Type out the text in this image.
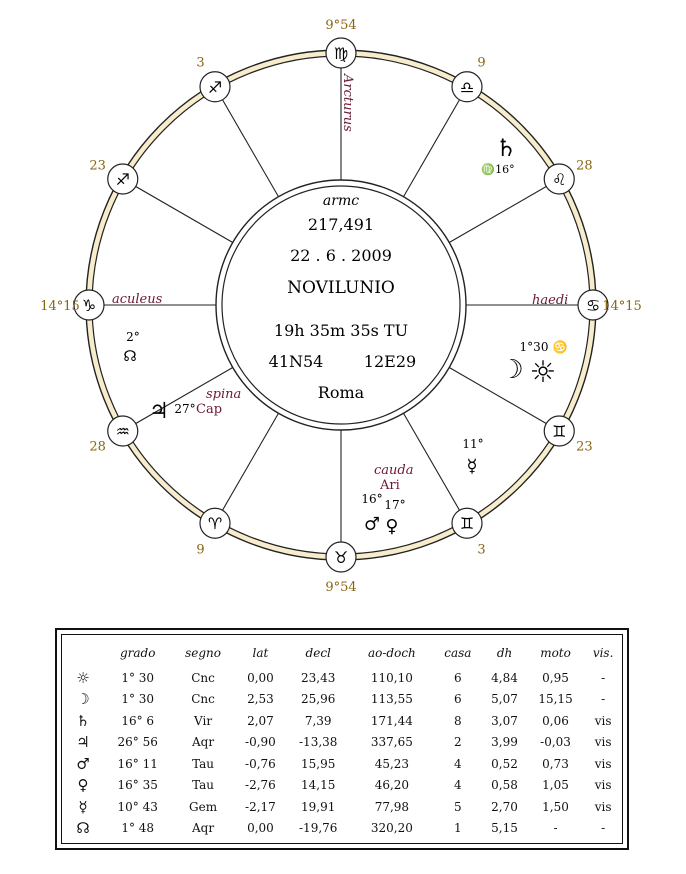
♍
9°54
♎
9
♌
28
♋ 14°15
♊
23
♊
3
♉
9°54
♈
9
♒
28
♑
14°15
♐
23
♐
3
armc
217,491
22 . 6 . 2009
NOVILUNIO
19h 35m 35s TU
41N54	12E29
Roma
Arcturus
haedi
aculeus
spina
Cap
cauda
Ari
♄
♍16°
1°30 ♋
☽ ☼
11°
☿
16° 17°
♂ ♀
2°
☊
♃ 27°
	grado	segno	lat	decl	ao-doch	casa	dh	moto	vis.
☼	1° 30	Cnc	0,00	23,43	110,10	6	4,84	0,95	-
☽	1° 30	Cnc	2,53	25,96	113,55	6	5,07	15,15	-
♄	16° 6	Vir	2,07	7,39	171,44	8	3,07	0,06	vis
♃	26° 56	Aqr	-0,90	-13,38	337,65	2	3,99	-0,03	vis
♂	16° 11	Tau	-0,76	15,95	45,23	4	0,52	0,73	vis
♀	16° 35	Tau	-2,76	14,15	46,20	4	0,58	1,05	vis
☿	10° 43	Gem	-2,17	19,91	77,98	5	2,70	1,50	vis
☊	1° 48	Aqr	0,00	-19,76	320,20	1	5,15	-	-
